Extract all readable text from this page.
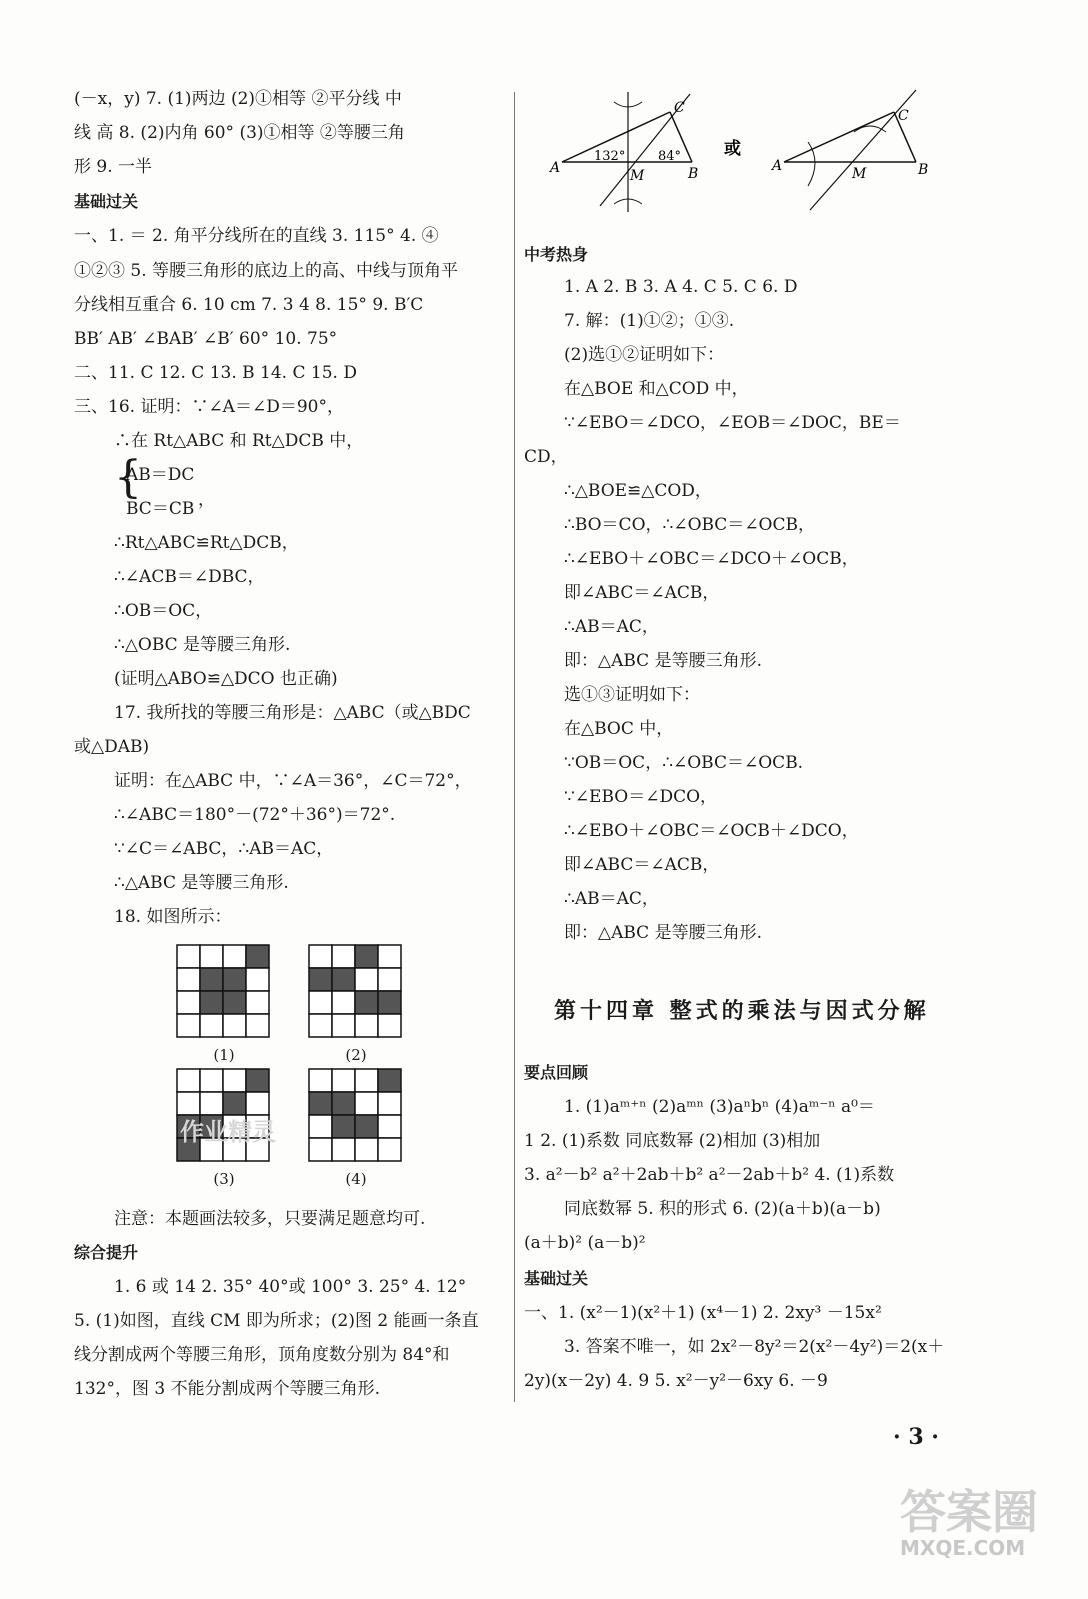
(－x，y) 7. (1)两边 (2)①相等 ②平分线 中
线 高 8. (2)内角 60° (3)①相等 ②等腰三角
形 9. 一半
基础过关
一、1. ＝ 2. 角平分线所在的直线 3. 115° 4. ④
①②③ 5. 等腰三角形的底边上的高、中线与顶角平
分线相互重合 6. 10 cm 7. 3 4 8. 15° 9. B′C
BB′ AB′ ∠BAB′ ∠B′ 60° 10. 75°
二、11. C 12. C 13. B 14. C 15. D
三、16. 证明：∵∠A＝∠D＝90°，
∴在 Rt△ABC 和 Rt△DCB 中，
{
AB＝DC
，
BC＝CB
∴Rt△ABC≌Rt△DCB，
∴∠ACB＝∠DBC，
∴OB＝OC，
∴△OBC 是等腰三角形.
(证明△ABO≌△DCO 也正确)
17. 我所找的等腰三角形是：△ABC（或△BDC
或△DAB)
证明：在△ABC 中，∵∠A＝36°，∠C＝72°，
∴∠ABC＝180°－(72°＋36°)＝72°.
∵∠C＝∠ABC，∴AB＝AC，
∴△ABC 是等腰三角形.
18. 如图所示：
(1)	(2)
(3)	(4)
注意：本题画法较多，只要满足题意均可.
综合提升
1. 6 或 14 2. 35° 40°或 100° 3. 25° 4. 12°
5. (1)如图，直线 CM 即为所求；(2)图 2 能画一条直
线分割成两个等腰三角形，顶角度数分别为 84°和
132°，图 3 不能分割成两个等腰三角形.
A	M	B
C
132°	84°	或
A	M	B
C
中考热身
1. A 2. B 3. A 4. C 5. C 6. D
7. 解：(1)①②；①③.
(2)选①②证明如下：
在△BOE 和△COD 中，
∵∠EBO＝∠DCO，∠EOB＝∠DOC，BE＝
CD，
∴△BOE≌△COD，
∴BO＝CO，∴∠OBC＝∠OCB，
∴∠EBO＋∠OBC＝∠DCO＋∠OCB，
即∠ABC＝∠ACB，
∴AB＝AC，
即：△ABC 是等腰三角形.
选①③证明如下：
在△BOC 中，
∵OB＝OC，∴∠OBC＝∠OCB.
∵∠EBO＝∠DCO，
∴∠EBO＋∠OBC＝∠OCB＋∠DCO，
即∠ABC＝∠ACB，
∴AB＝AC，
即：△ABC 是等腰三角形.
第十四章 整式的乘法与因式分解
要点回顾
1. (1)aᵐ⁺ⁿ (2)aᵐⁿ (3)aⁿbⁿ (4)aᵐ⁻ⁿ a⁰＝
1 2. (1)系数 同底数幂 (2)相加 (3)相加
3. a²－b² a²＋2ab＋b² a²－2ab＋b² 4. (1)系数
同底数幂 5. 积的形式 6. (2)(a＋b)(a－b)
(a＋b)² (a－b)²
基础过关
一、1. (x²－1)(x²＋1) (x⁴－1) 2. 2xy³ －15x²
3. 答案不唯一，如 2x²－8y²＝2(x²－4y²)＝2(x＋
2y)(x－2y) 4. 9 5. x²－y²－6xy 6. －9
· 3 ·
答案圈
MXQE.COM
作业精灵
